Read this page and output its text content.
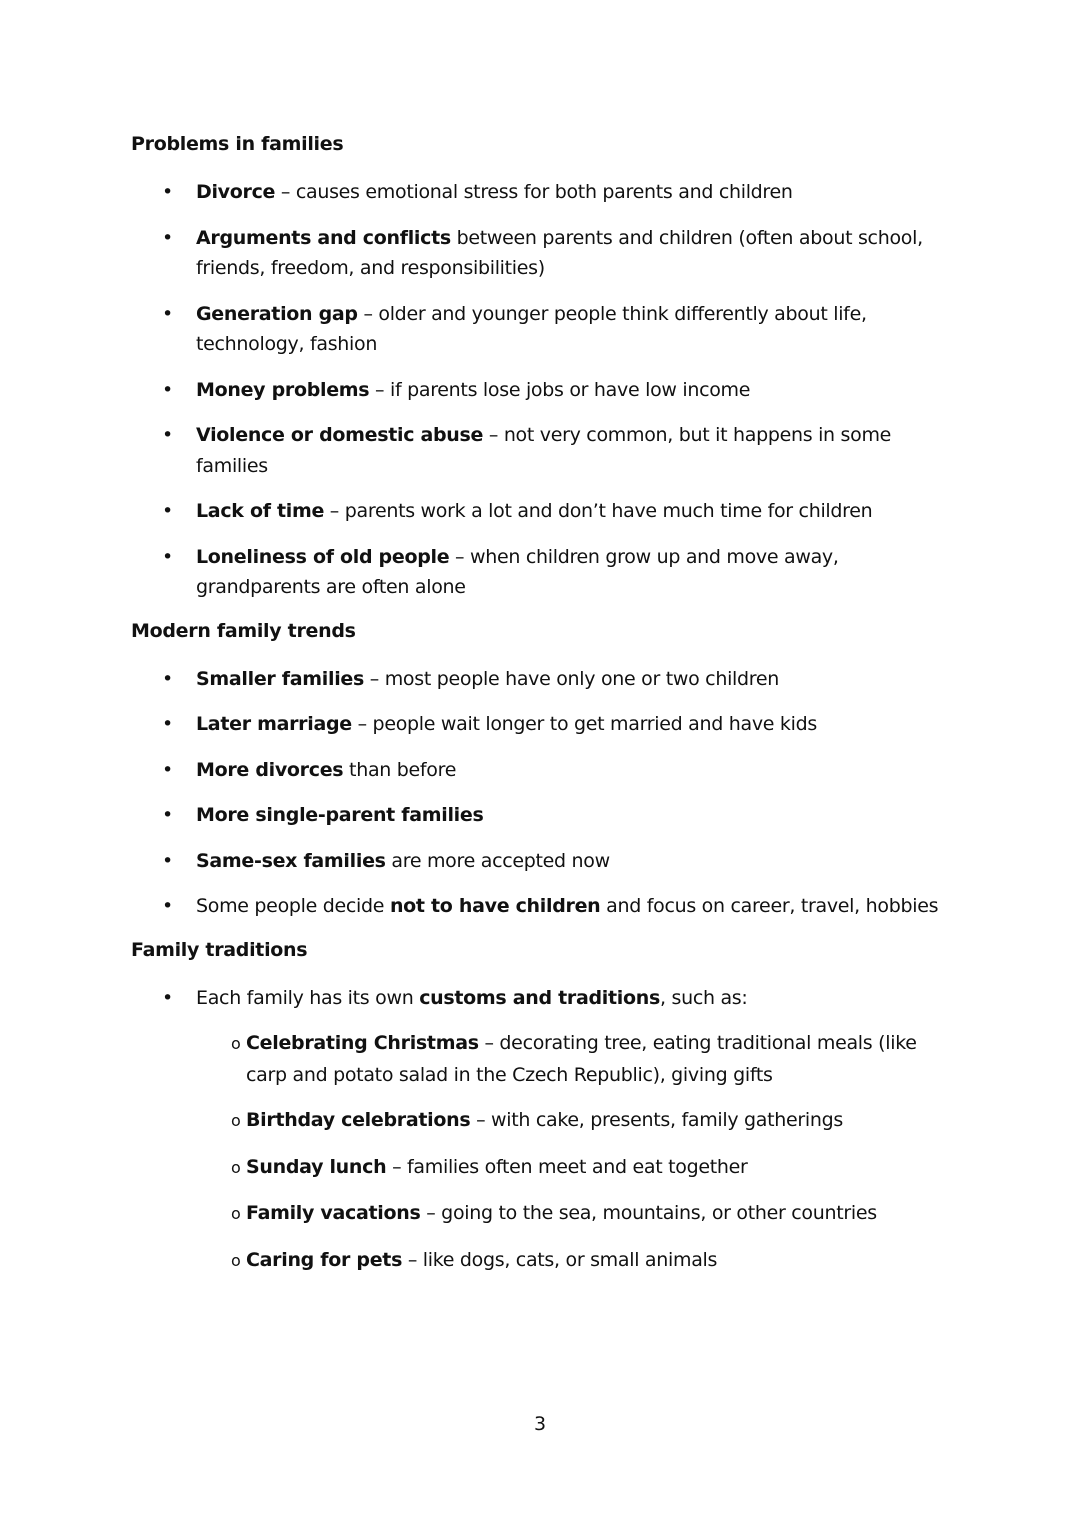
Problems in families
• Divorce – causes emotional stress for both parents and children
• Arguments and conflicts between parents and children (often about school, friends, freedom, and responsibilities)
• Generation gap – older and younger people think differently about life, technology, fashion
• Money problems – if parents lose jobs or have low income
• Violence or domestic abuse – not very common, but it happens in some families
• Lack of time – parents work a lot and don’t have much time for children
• Loneliness of old people – when children grow up and move away, grandparents are often alone
Modern family trends
• Smaller families – most people have only one or two children
• Later marriage – people wait longer to get married and have kids
• More divorces than before
• More single-parent families
• Same-sex families are more accepted now
• Some people decide not to have children and focus on career, travel, hobbies
Family traditions
• Each family has its own customs and traditions, such as:
o Celebrating Christmas – decorating tree, eating traditional meals (like carp and potato salad in the Czech Republic), giving gifts
o Birthday celebrations – with cake, presents, family gatherings
o Sunday lunch – families often meet and eat together
o Family vacations – going to the sea, mountains, or other countries
o Caring for pets – like dogs, cats, or small animals
3
